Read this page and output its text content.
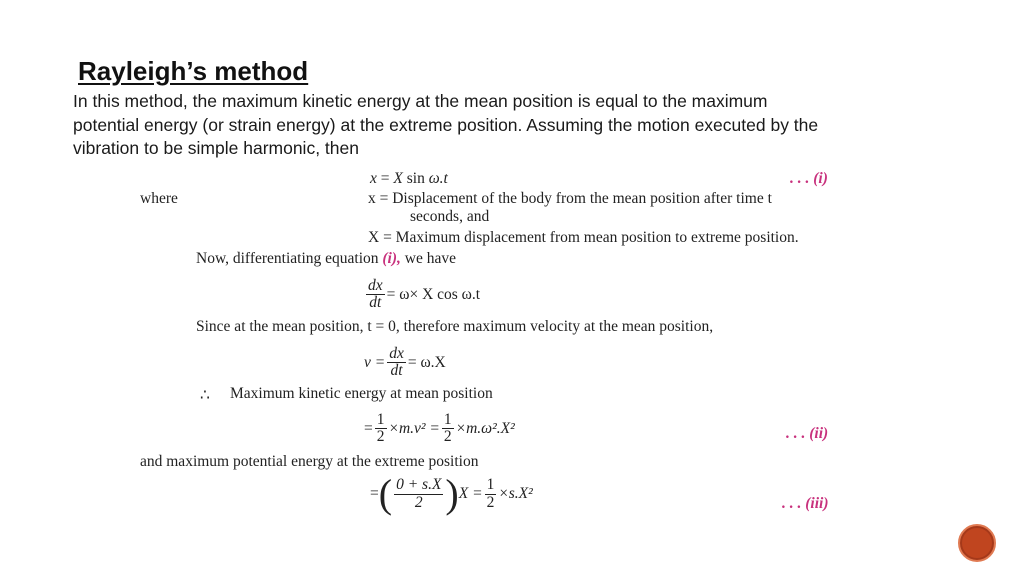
Rayleigh’s method

In this method, the maximum kinetic energy at the mean position is equal to the maximum
potential energy (or strain energy) at the extreme position. Assuming the motion executed by the
vibration to be simple harmonic, then

x = X sin ω.t	. . . (i)
where	x = Displacement of the body from the mean position after time t
seconds, and
X = Maximum displacement from mean position to extreme position.
Now, differentiating equation (i), we have
$\frac{dx}{dt} = \omega\times X$ cos ω.t
Since at the mean position, t = 0, therefore maximum velocity at the mean position,
$v = \frac{dx}{dt} = \omega.X$
∴ Maximum kinetic energy at mean position
= $\frac{1}{2} \times m.v^2 = \frac{1}{2} \times m.\omega^2.X^2$	. . . (ii)
and maximum potential energy at the extreme position
= ( $\frac{0 + s.X}{2}$ ) $X = \frac{1}{2} \times s.X^2$
. . . (iii)
